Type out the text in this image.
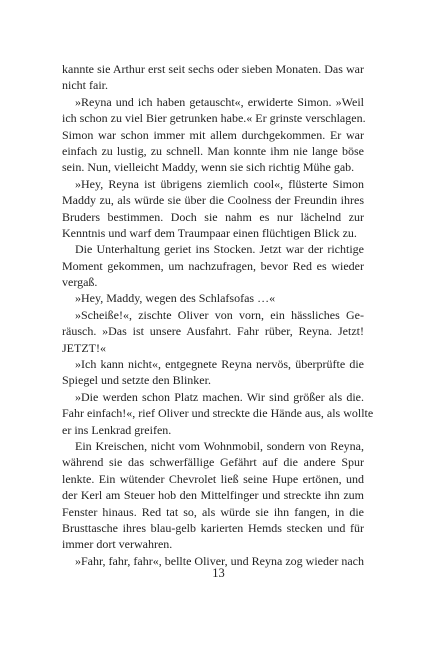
kannte sie Arthur erst seit sechs oder sieben Monaten. Das war
nicht fair.

»Reyna und ich haben getauscht«, erwiderte Simon. »Weil
ich schon zu viel Bier getrunken habe.« Er grinste verschlagen.
Simon war schon immer mit allem durchgekommen. Er war
einfach zu lustig, zu schnell. Man konnte ihm nie lange böse
sein. Nun, vielleicht Maddy, wenn sie sich richtig Mühe gab.

»Hey, Reyna ist übrigens ziemlich cool«, flüsterte Simon
Maddy zu, als würde sie über die Coolness der Freundin ihres
Bruders bestimmen. Doch sie nahm es nur lächelnd zur
Kenntnis und warf dem Traumpaar einen flüchtigen Blick zu.

Die Unterhaltung geriet ins Stocken. Jetzt war der richtige
Moment gekommen, um nachzufragen, bevor Red es wieder
vergaß.

»Hey, Maddy, wegen des Schlafsofas …«

»Scheiße!«, zischte Oliver von vorn, ein hässliches Ge-
räusch. »Das ist unsere Ausfahrt. Fahr rüber, Reyna. Jetzt!
JETZT!«

»Ich kann nicht«, entgegnete Reyna nervös, überprüfte die
Spiegel und setzte den Blinker.

»Die werden schon Platz machen. Wir sind größer als die.
Fahr einfach!«, rief Oliver und streckte die Hände aus, als wollte
er ins Lenkrad greifen.

Ein Kreischen, nicht vom Wohnmobil, sondern von Reyna,
während sie das schwerfällige Gefährt auf die andere Spur
lenkte. Ein wütender Chevrolet ließ seine Hupe ertönen, und
der Kerl am Steuer hob den Mittelfinger und streckte ihn zum
Fenster hinaus. Red tat so, als würde sie ihn fangen, in die
Brusttasche ihres blau-gelb karierten Hemds stecken und für
immer dort verwahren.

»Fahr, fahr, fahr«, bellte Oliver, und Reyna zog wieder nach

13
